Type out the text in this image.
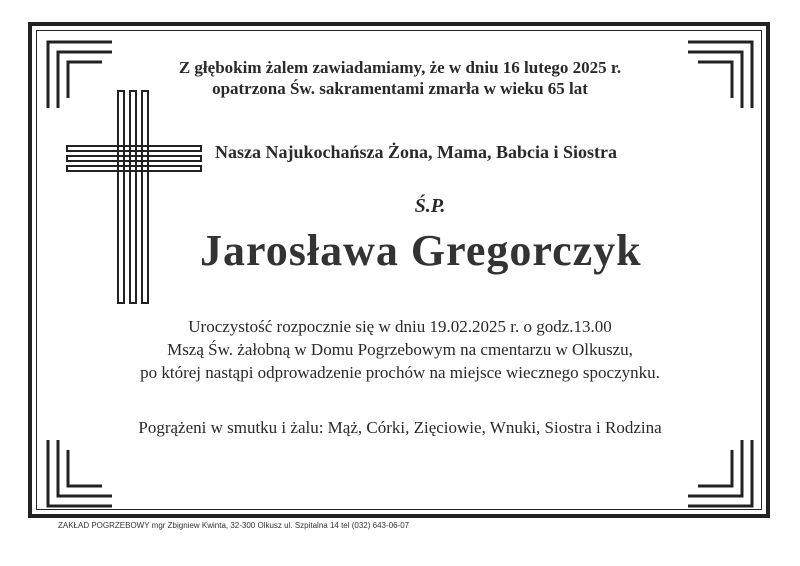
Z głębokim żalem zawiadamiamy, że w dniu 16 lutego 2025 r.
opatrzona Św. sakramentami zmarła w wieku 65 lat
Nasza Najukochańsza Żona, Mama, Babcia i Siostra
Ś.P.
Jarosława Gregorczyk
Uroczystość rozpocznie się w dniu 19.02.2025 r. o godz.13.00
Mszą Św. żałobną w Domu Pogrzebowym na cmentarzu w Olkuszu,
po której nastąpi odprowadzenie prochów na miejsce wiecznego spoczynku.
Pogrążeni w smutku i żalu: Mąż, Córki, Zięciowie, Wnuki, Siostra i Rodzina
ZAKŁAD POGRZEBOWY mgr Zbigniew Kwinta, 32-300 Olkusz ul. Szpitalna 14 tel (032) 643-06-07
